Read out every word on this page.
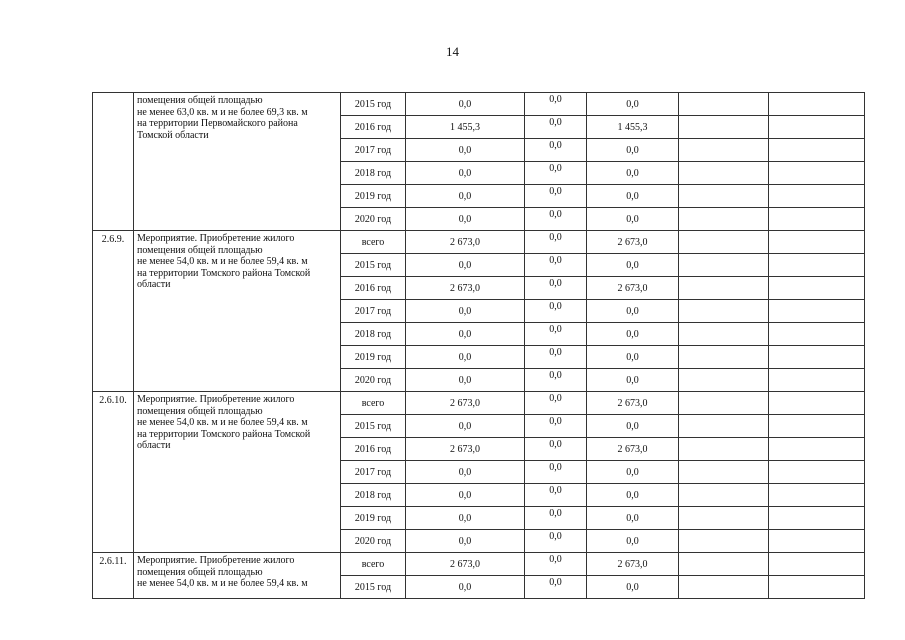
14

	помещения общей площадью
не менее 63,0 кв. м и не более 69,3 кв. м
на территории Первомайского района
Томской области	2015 год	0,0	0,0	0,0		
		2016 год	1 455,3	0,0	1 455,3		
		2017 год	0,0	0,0	0,0		
		2018 год	0,0	0,0	0,0		
		2019 год	0,0	0,0	0,0		
		2020 год	0,0	0,0	0,0		
2.6.9.	Мероприятие. Приобретение жилого
помещения общей площадью
не менее 54,0 кв. м и не более 59,4 кв. м
на территории Томского района Томской
области	всего	2 673,0	0,0	2 673,0		
		2015 год	0,0	0,0	0,0		
		2016 год	2 673,0	0,0	2 673,0		
		2017 год	0,0	0,0	0,0		
		2018 год	0,0	0,0	0,0		
		2019 год	0,0	0,0	0,0		
		2020 год	0,0	0,0	0,0		
2.6.10.	Мероприятие. Приобретение жилого
помещения общей площадью
не менее 54,0 кв. м и не более 59,4 кв. м
на территории Томского района Томской
области	всего	2 673,0	0,0	2 673,0		
		2015 год	0,0	0,0	0,0		
		2016 год	2 673,0	0,0	2 673,0		
		2017 год	0,0	0,0	0,0		
		2018 год	0,0	0,0	0,0		
		2019 год	0,0	0,0	0,0		
		2020 год	0,0	0,0	0,0		
2.6.11.	Мероприятие. Приобретение жилого
помещения общей площадью
не менее 54,0 кв. м и не более 59,4 кв. м	всего	2 673,0	0,0	2 673,0		
		2015 год	0,0	0,0	0,0		
